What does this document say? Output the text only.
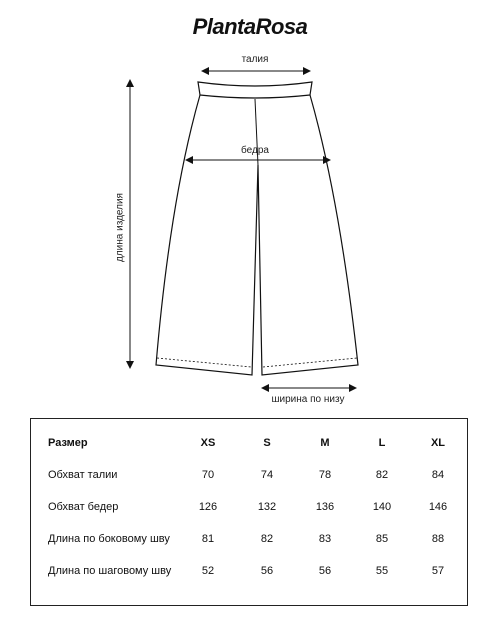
PlantaRosa
талия
бедра
длина изделия
ширина по низу
Размер	XS	S	M	L	XL
Обхват талии	70	74	78	82	84
Обхват бедер	126	132	136	140	146
Длина по боковому шву	81	82	83	85	88
Длина по шаговому шву	52	56	56	55	57
